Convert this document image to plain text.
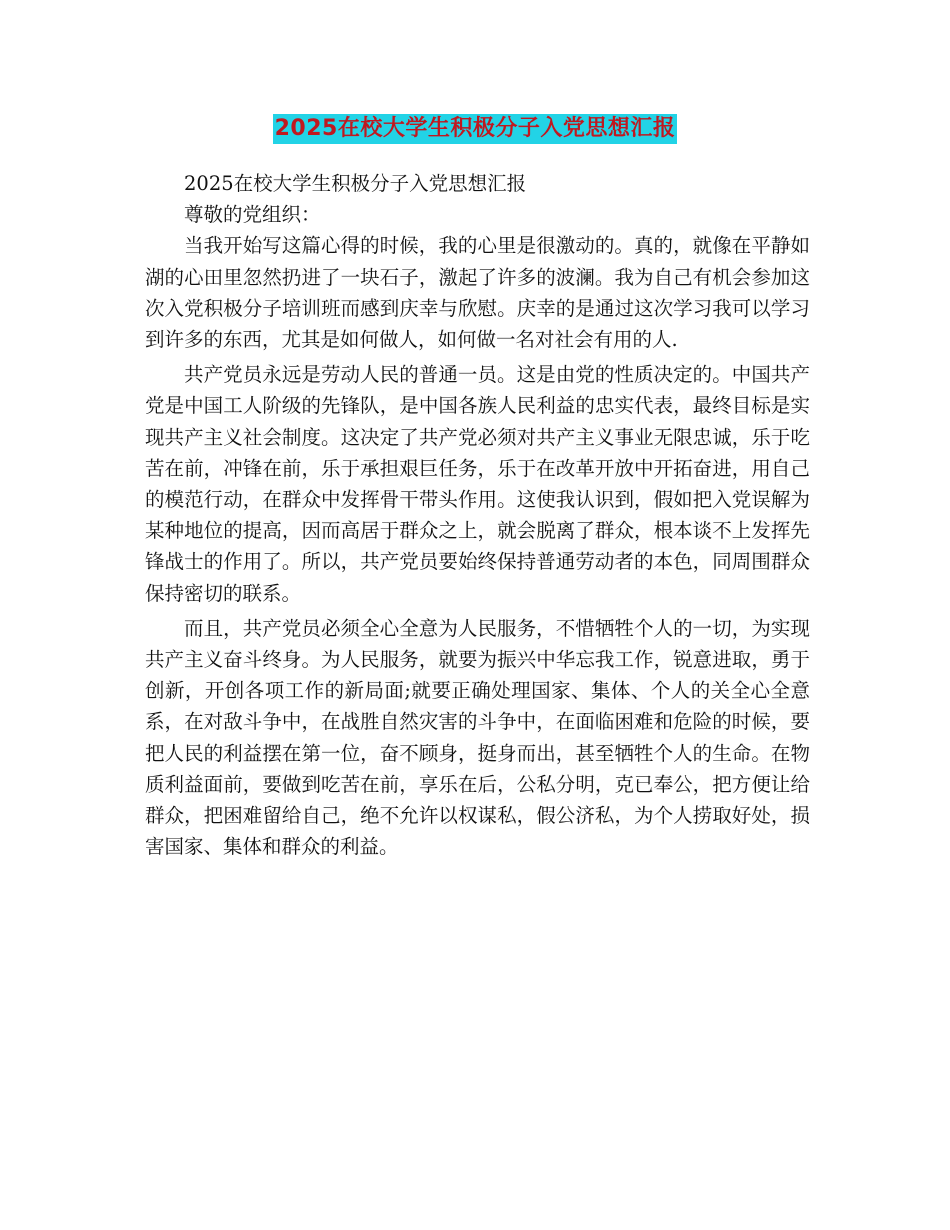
2025在校大学生积极分子入党思想汇报

2025在校大学生积极分子入党思想汇报

尊敬的党组织：

当我开始写这篇心得的时候，我的心里是很激动的。真的，就像在平静如湖的心田里忽然扔进了一块石子，激起了许多的波澜。我为自己有机会参加这次入党积极分子培训班而感到庆幸与欣慰。庆幸的是通过这次学习我可以学习到许多的东西，尤其是如何做人，如何做一名对社会有用的人.

共产党员永远是劳动人民的普通一员。这是由党的性质决定的。中国共产党是中国工人阶级的先锋队，是中国各族人民利益的忠实代表，最终目标是实现共产主义社会制度。这决定了共产党必须对共产主义事业无限忠诚，乐于吃苦在前，冲锋在前，乐于承担艰巨任务，乐于在改革开放中开拓奋进，用自己的模范行动，在群众中发挥骨干带头作用。这使我认识到，假如把入党误解为某种地位的提高，因而高居于群众之上，就会脱离了群众，根本谈不上发挥先锋战士的作用了。所以，共产党员要始终保持普通劳动者的本色，同周围群众保持密切的联系。

而且，共产党员必须全心全意为人民服务，不惜牺牲个人的一切，为实现共产主义奋斗终身。为人民服务，就要为振兴中华忘我工作，锐意进取，勇于创新，开创各项工作的新局面;就要正确处理国家、集体、个人的关全心全意系，在对敌斗争中，在战胜自然灾害的斗争中，在面临困难和危险的时候，要把人民的利益摆在第一位，奋不顾身，挺身而出，甚至牺牲个人的生命。在物质利益面前，要做到吃苦在前，享乐在后，公私分明，克已奉公，把方便让给群众，把困难留给自己，绝不允许以权谋私，假公济私，为个人捞取好处，损害国家、集体和群众的利益。
